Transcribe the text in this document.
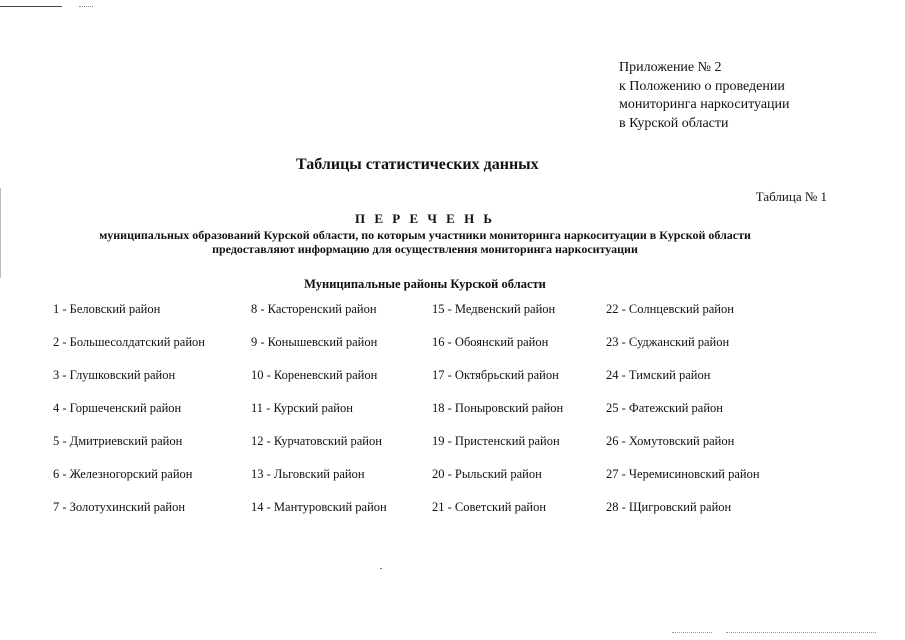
Приложение № 2
к Положению о проведении
мониторинга наркоситуации
в Курской области
Таблицы статистических данных
Таблица № 1
П Е Р Е Ч Е Н Ь
муниципальных образований Курской области, по которым участники мониторинга наркоситуации в Курской области
предоставляют информацию для осуществления мониторинга наркоситуации
Муниципальные районы Курской области
1 - Беловский район
2 - Большесолдатский район
3 - Глушковский район
4 - Горшеченский район
5 - Дмитриевский район
6 - Железногорский район
7 - Золотухинский район
8 - Касторенский район
9 - Конышевский район
10 - Кореневский район
11 - Курский район
12 - Курчатовский район
13 - Льговский район
14 - Мантуровский район
15 - Медвенский район
16 - Обоянский район
17 - Октябрьский район
18 - Поныровский район
19 - Пристенский район
20 - Рыльский район
21 - Советский район
22 - Солнцевский район
23 - Суджанский район
24 - Тимский район
25 - Фатежский район
26 - Хомутовский район
27 - Черемисиновский район
28 - Щигровский район
